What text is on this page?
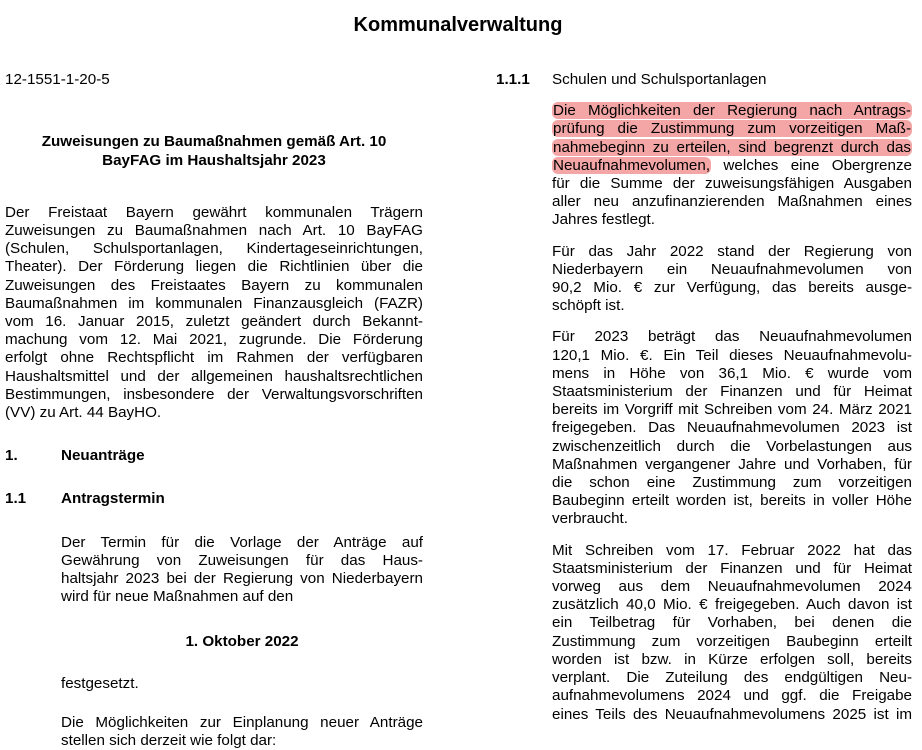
Kommunalverwaltung

12-1551-1-20-5

Zuweisungen zu Baumaßnahmen gemäß Art. 10
BayFAG im Haushaltsjahr 2023
Der Freistaat Bayern gewährt kommunalen Trägern
Zuweisungen zu Baumaßnahmen nach Art. 10 BayFAG
(Schulen, Schulsportanlagen, Kindertageseinrichtungen,
Theater). Der Förderung liegen die Richtlinien über die
Zuweisungen des Freistaates Bayern zu kommunalen
Baumaßnahmen im kommunalen Finanzausgleich (FAZR)
vom 16. Januar 2015, zuletzt geändert durch Bekannt-
machung vom 12. Mai 2021, zugrunde. Die Förderung
erfolgt ohne Rechtspflicht im Rahmen der verfügbaren
Haushaltsmittel und der allgemeinen haushaltsrechtlichen
Bestimmungen, insbesondere der Verwaltungsvorschriften
(VV) zu Art. 44 BayHO.
1.	Neuanträge
1.1	Antragstermin
Der Termin für die Vorlage der Anträge auf
Gewährung von Zuweisungen für das Haus-
haltsjahr 2023 bei der Regierung von Niederbayern
wird für neue Maßnahmen auf den
1. Oktober 2022

festgesetzt.

Die Möglichkeiten zur Einplanung neuer Anträge
stellen sich derzeit wie folgt dar:
1.1.1	Schulen und Schulsportanlagen
Die Möglichkeiten der Regierung nach Antrags-
prüfung die Zustimmung zum vorzeitigen Maß-
nahmebeginn zu erteilen, sind begrenzt durch das
Neuaufnahmevolumen, welches eine Obergrenze
für die Summe der zuweisungsfähigen Ausgaben
aller neu anzufinanzierenden Maßnahmen eines
Jahres festlegt.
Für das Jahr 2022 stand der Regierung von
Niederbayern ein Neuaufnahmevolumen von
90,2 Mio. € zur Verfügung, das bereits ausge-
schöpft ist.
Für 2023 beträgt das Neuaufnahmevolumen
120,1 Mio. €. Ein Teil dieses Neuaufnahmevolu-
mens in Höhe von 36,1 Mio. € wurde vom
Staatsministerium der Finanzen und für Heimat
bereits im Vorgriff mit Schreiben vom 24. März 2021
freigegeben. Das Neuaufnahmevolumen 2023 ist
zwischenzeitlich durch die Vorbelastungen aus
Maßnahmen vergangener Jahre und Vorhaben, für
die schon eine Zustimmung zum vorzeitigen
Baubeginn erteilt worden ist, bereits in voller Höhe
verbraucht.
Mit Schreiben vom 17. Februar 2022 hat das
Staatsministerium der Finanzen und für Heimat
vorweg aus dem Neuaufnahmevolumen 2024
zusätzlich 40,0 Mio. € freigegeben. Auch davon ist
ein Teilbetrag für Vorhaben, bei denen die
Zustimmung zum vorzeitigen Baubeginn erteilt
worden ist bzw. in Kürze erfolgen soll, bereits
verplant. Die Zuteilung des endgültigen Neu-
aufnahmevolumens 2024 und ggf. die Freigabe
eines Teils des Neuaufnahmevolumens 2025 ist im
